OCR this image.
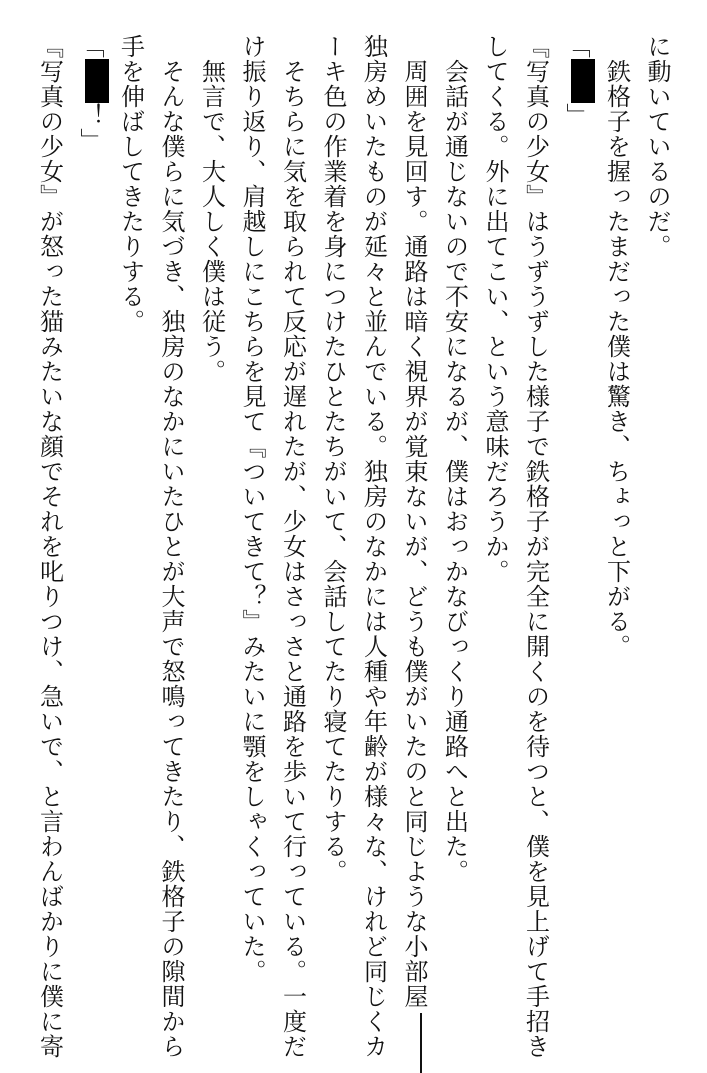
に動いているのだ。
　鉄格子を握ったまだった僕は驚き、ちょっと下がる。
「」
『写真の少女』はうずうずした様子で鉄格子が完全に開くのを待つと、僕を見上げて手招き
してくる。外に出てこい、という意味だろうか。
　会話が通じないので不安になるが、僕はおっかなびっくり通路へと出た。
　周囲を見回す。通路は暗く視界が覚束ないが、どうも僕がいたのと同じような小部屋
独房めいたものが延々と並んでいる。独房のなかには人種や年齢が様々な、けれど同じくカ
ーキ色の作業着を身につけたひとたちがいて、会話してたり寝てたりする。
　そちらに気を取られて反応が遅れたが、少女はさっさと通路を歩いて行っている。一度だ
け振り返り、肩越しにこちらを見て『ついてきて？』みたいに顎をしゃくっていた。
　無言で、大人しく僕は従う。
　そんな僕らに気づき、独房のなかにいたひとが大声で怒鳴ってきたり、鉄格子の隙間から
手を伸ばしてきたりする。
「！」
『写真の少女』が怒った猫みたいな顔でそれを叱りつけ、急いで、と言わんばかりに僕に寄
